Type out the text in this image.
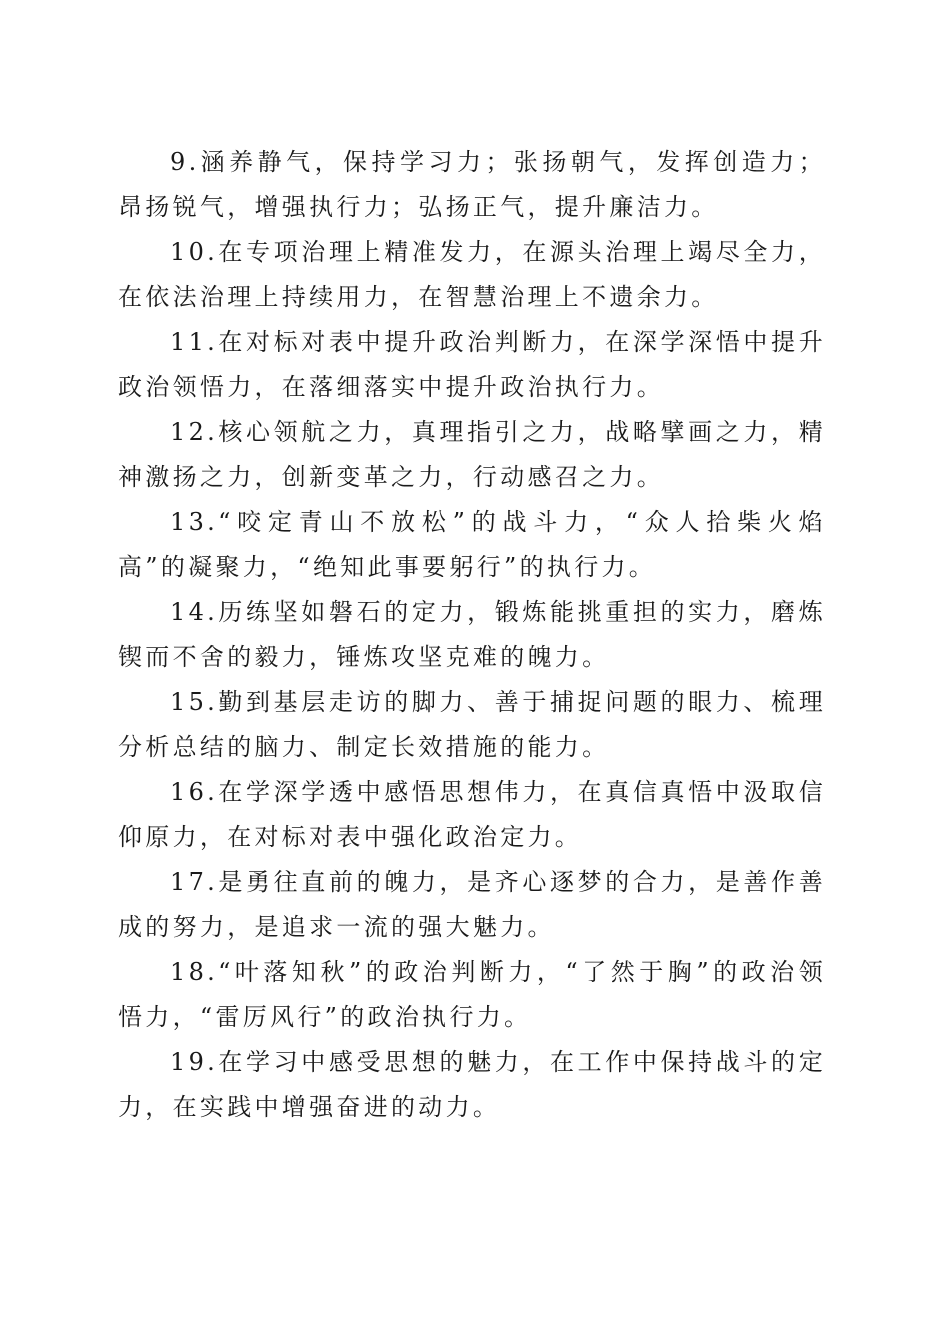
9.涵养静气，保持学习力；张扬朝气，发挥创造力；昂扬锐气，增强执行力；弘扬正气，提升廉洁力。

10.在专项治理上精准发力，在源头治理上竭尽全力，在依法治理上持续用力，在智慧治理上不遗余力。

11.在对标对表中提升政治判断力，在深学深悟中提升政治领悟力，在落细落实中提升政治执行力。

12.核心领航之力，真理指引之力，战略擘画之力，精神激扬之力，创新变革之力，行动感召之力。

13.“咬定青山不放松”的战斗力，“众人拾柴火焰高”的凝聚力，“绝知此事要躬行”的执行力。

14.历练坚如磐石的定力，锻炼能挑重担的实力，磨炼锲而不舍的毅力，锤炼攻坚克难的魄力。

15.勤到基层走访的脚力、善于捕捉问题的眼力、梳理分析总结的脑力、制定长效措施的能力。

16.在学深学透中感悟思想伟力，在真信真悟中汲取信仰原力，在对标对表中强化政治定力。

17.是勇往直前的魄力，是齐心逐梦的合力，是善作善成的努力，是追求一流的强大魅力。

18.“叶落知秋”的政治判断力，“了然于胸”的政治领悟力，“雷厉风行”的政治执行力。

19.在学习中感受思想的魅力，在工作中保持战斗的定力，在实践中增强奋进的动力。
